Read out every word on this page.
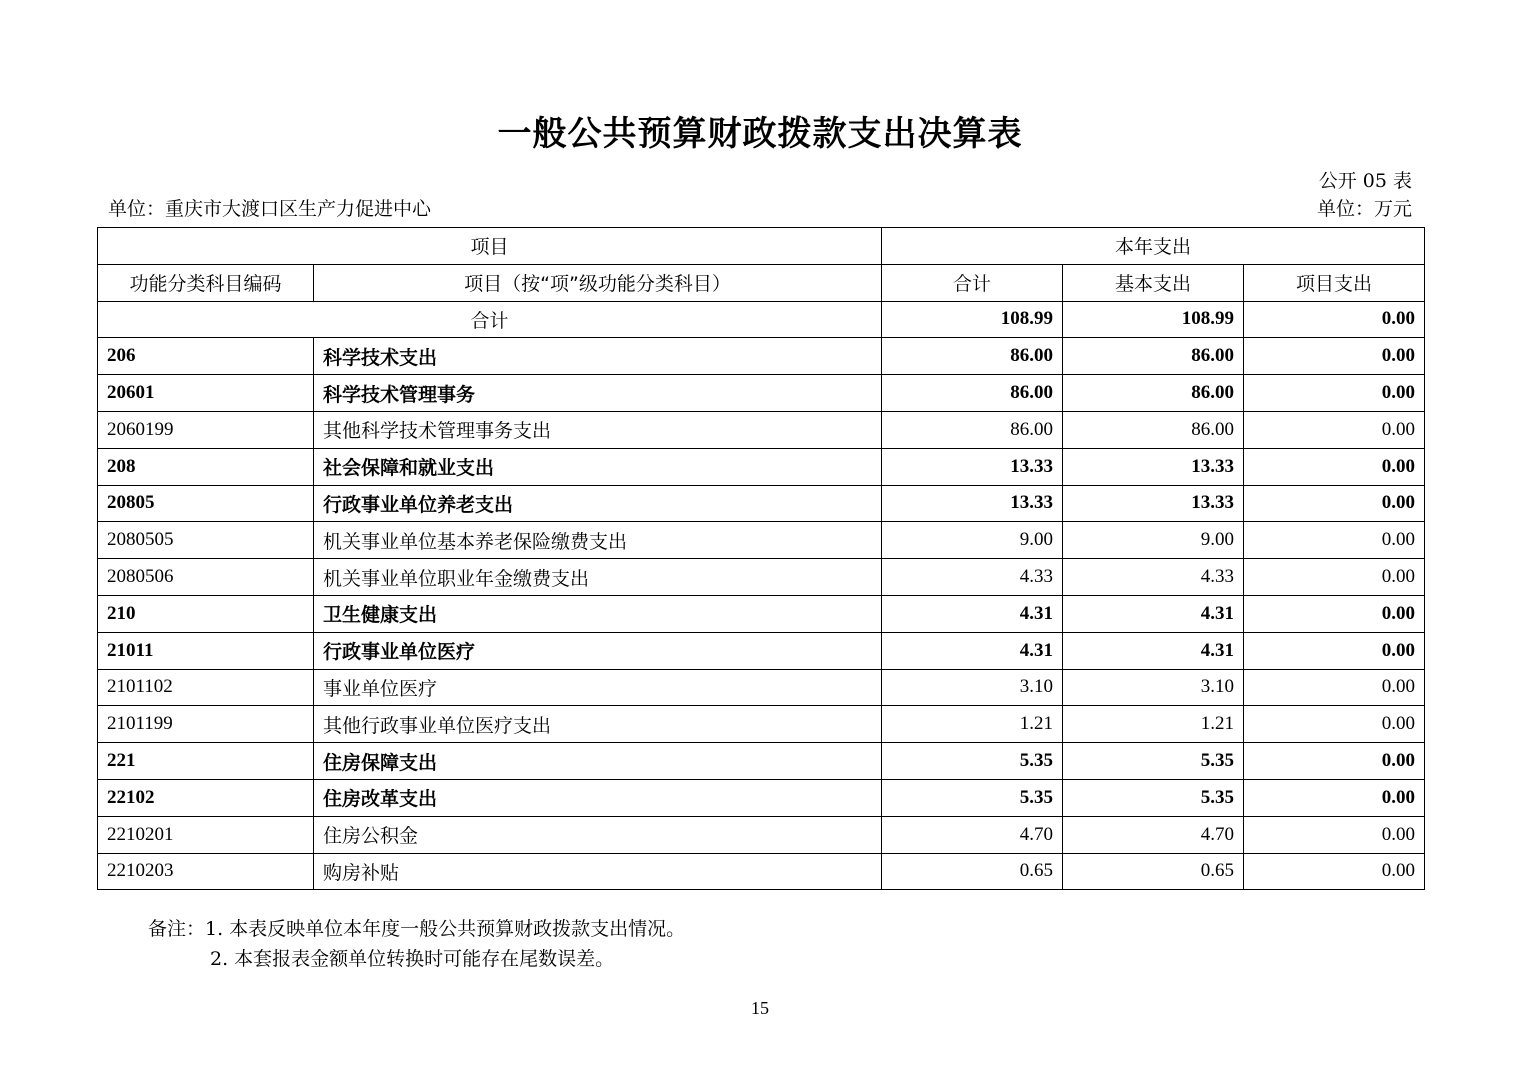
一般公共预算财政拨款支出决算表
公开 05 表
单位：重庆市大渡口区生产力促进中心	单位：万元
项目		本年支出		
功能分类科目编码	项目（按“项”级功能分类科目）	合计	基本支出	项目支出
合计		108.99	108.99	0.00
206	科学技术支出	86.00	86.00	0.00
20601	科学技术管理事务	86.00	86.00	0.00
2060199	其他科学技术管理事务支出	86.00	86.00	0.00
208	社会保障和就业支出	13.33	13.33	0.00
20805	行政事业单位养老支出	13.33	13.33	0.00
2080505	机关事业单位基本养老保险缴费支出	9.00	9.00	0.00
2080506	机关事业单位职业年金缴费支出	4.33	4.33	0.00
210	卫生健康支出	4.31	4.31	0.00
21011	行政事业单位医疗	4.31	4.31	0.00
2101102	事业单位医疗	3.10	3.10	0.00
2101199	其他行政事业单位医疗支出	1.21	1.21	0.00
221	住房保障支出	5.35	5.35	0.00
22102	住房改革支出	5.35	5.35	0.00
2210201	住房公积金	4.70	4.70	0.00
2210203	购房补贴	0.65	0.65	0.00
备注：1. 本表反映单位本年度一般公共预算财政拨款支出情况。
2. 本套报表金额单位转换时可能存在尾数误差。
15
